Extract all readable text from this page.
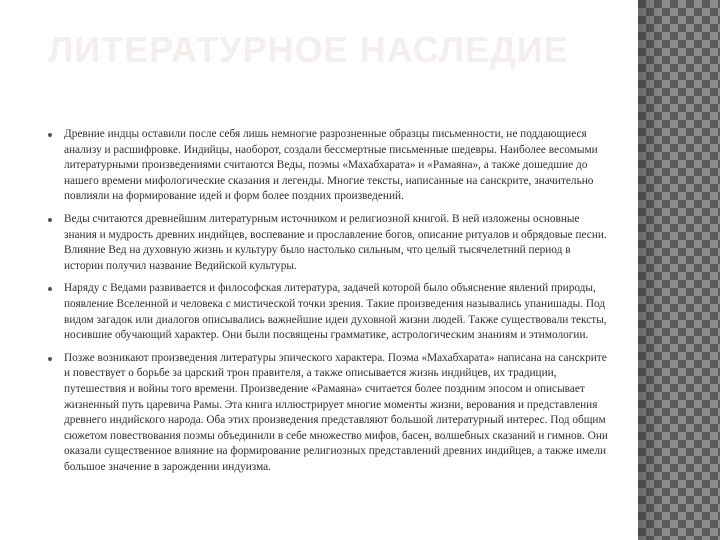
ЛИТЕРАТУРНОЕ НАСЛЕДИЕ
Древние индцы оставили после себя лишь немногие разрозненные образцы письменности, не поддающиеся анализу и расшифровке. Индийцы, наоборот, создали бессмертные письменные шедевры. Наиболее весомыми литературными произведениями считаются Веды, поэмы «Махабхарата» и «Рамаяна», а также дошедшие до нашего времени мифологические сказания и легенды. Многие тексты, написанные на санскрите, значительно повлияли на формирование идей и форм более поздних произведений.
Веды считаются древнейшим литературным источником и религиозной книгой. В ней изложены основные знания и мудрость древних индийцев, воспевание и прославление богов, описание ритуалов и обрядовые песни. Влияние Вед на духовную жизнь и культуру было настолько сильным, что целый тысячелетний период в истории получил название Ведийской культуры.
Наряду с Ведами развивается и философская литература, задачей которой было объяснение явлений природы, появление Вселенной и человека с мистической точки зрения. Такие произведения назывались упанишады. Под видом загадок или диалогов описывались важнейшие идеи духовной жизни людей. Также существовали тексты, носившие обучающий характер. Они были посвящены грамматике, астрологическим знаниям и этимологии.
Позже возникают произведения литературы эпического характера. Поэма «Махабхарата» написана на санскрите и повествует о борьбе за царский трон правителя, а также описывается жизнь индийцев, их традиции, путешествия и войны того времени. Произведение «Рамаяна» считается более поздним эпосом и описывает жизненный путь царевича Рамы. Эта книга иллюстрирует многие моменты жизни, верования и представления древнего индийского народа. Оба этих произведения представляют большой литературный интерес. Под общим сюжетом повествования поэмы объединили в себе множество мифов, басен, волшебных сказаний и гимнов. Они оказали существенное влияние на формирование религиозных представлений древних индийцев, а также имели большое значение в зарождении индуизма.
